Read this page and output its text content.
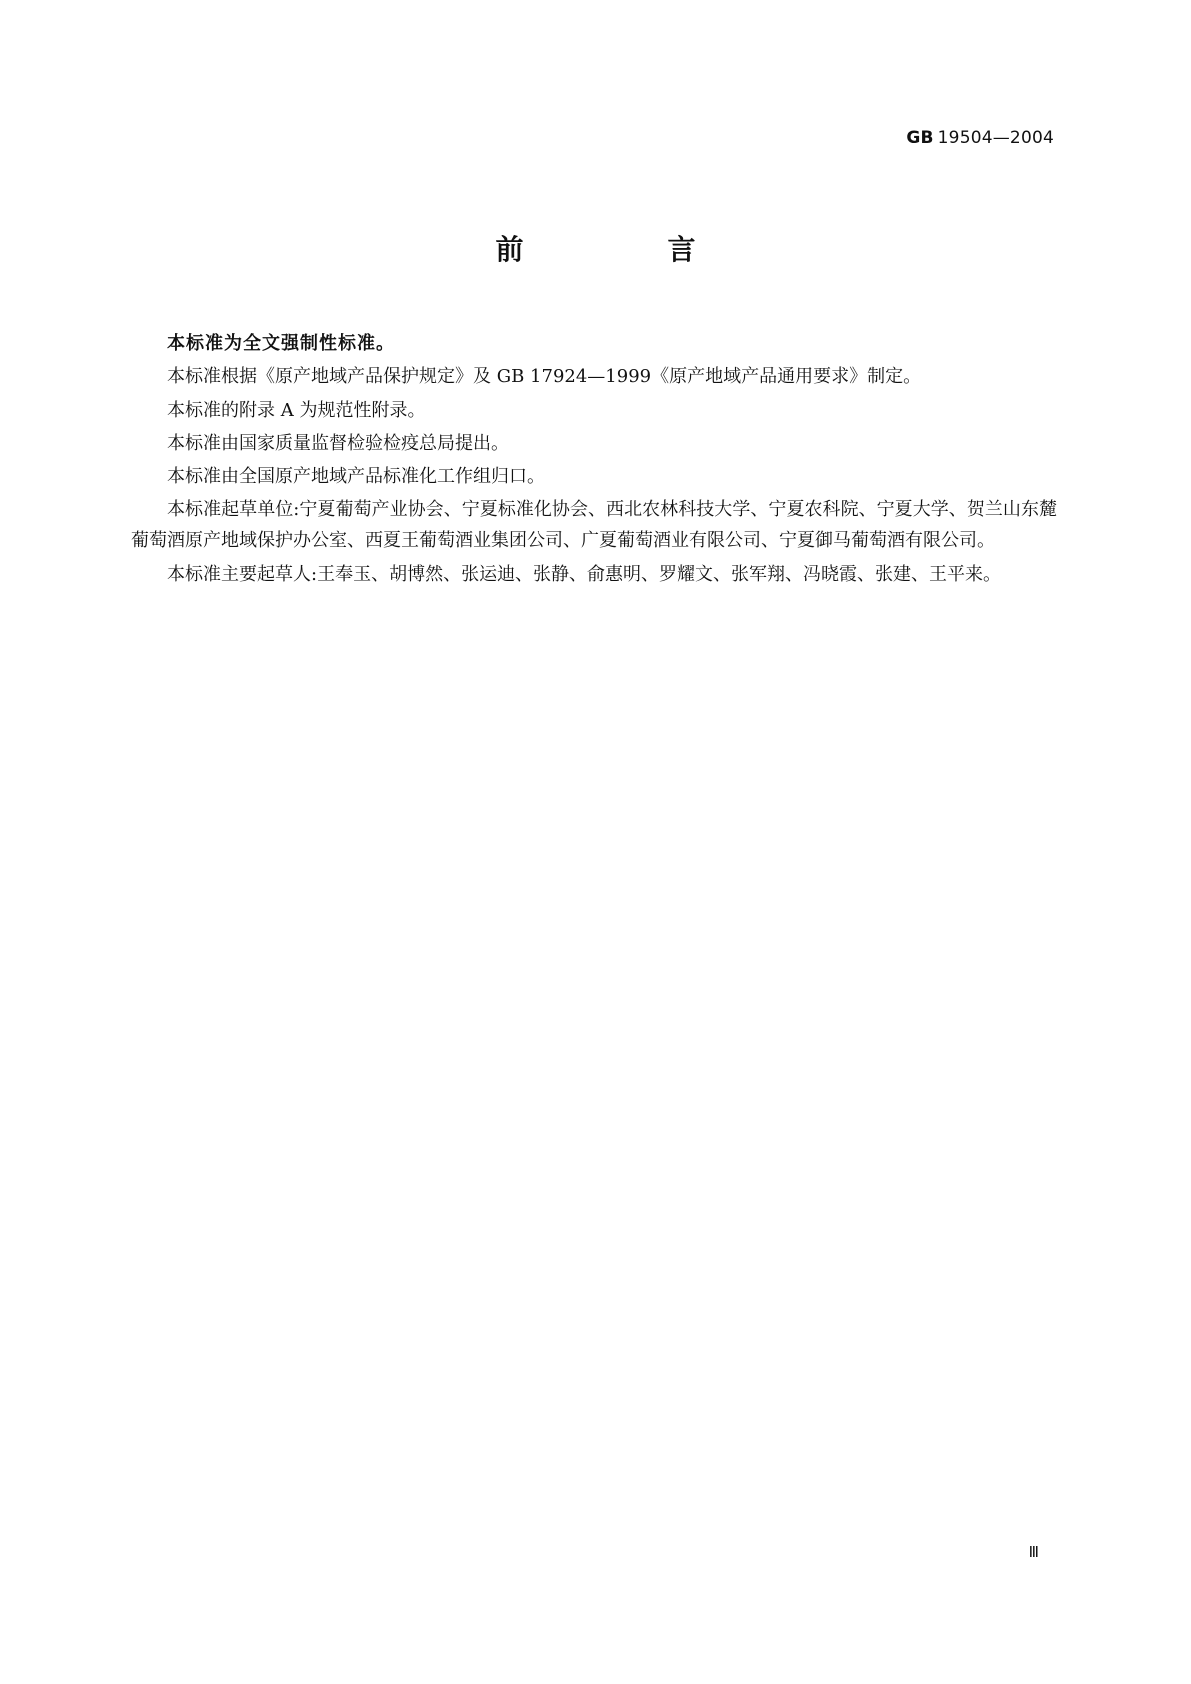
GB 19504—2004
前　言

本标准为全文强制性标准。

本标准根据《原产地域产品保护规定》及 GB 17924—1999《原产地域产品通用要求》制定。

本标准的附录 A 为规范性附录。

本标准由国家质量监督检验检疫总局提出。

本标准由全国原产地域产品标准化工作组归口。

本标准起草单位:宁夏葡萄产业协会、宁夏标准化协会、西北农林科技大学、宁夏农科院、宁夏大学、贺兰山东麓葡萄酒原产地域保护办公室、西夏王葡萄酒业集团公司、广夏葡萄酒业有限公司、宁夏御马葡萄酒有限公司。

本标准主要起草人:王奉玉、胡博然、张运迪、张静、俞惠明、罗耀文、张军翔、冯晓霞、张建、王平来。

Ⅲ
